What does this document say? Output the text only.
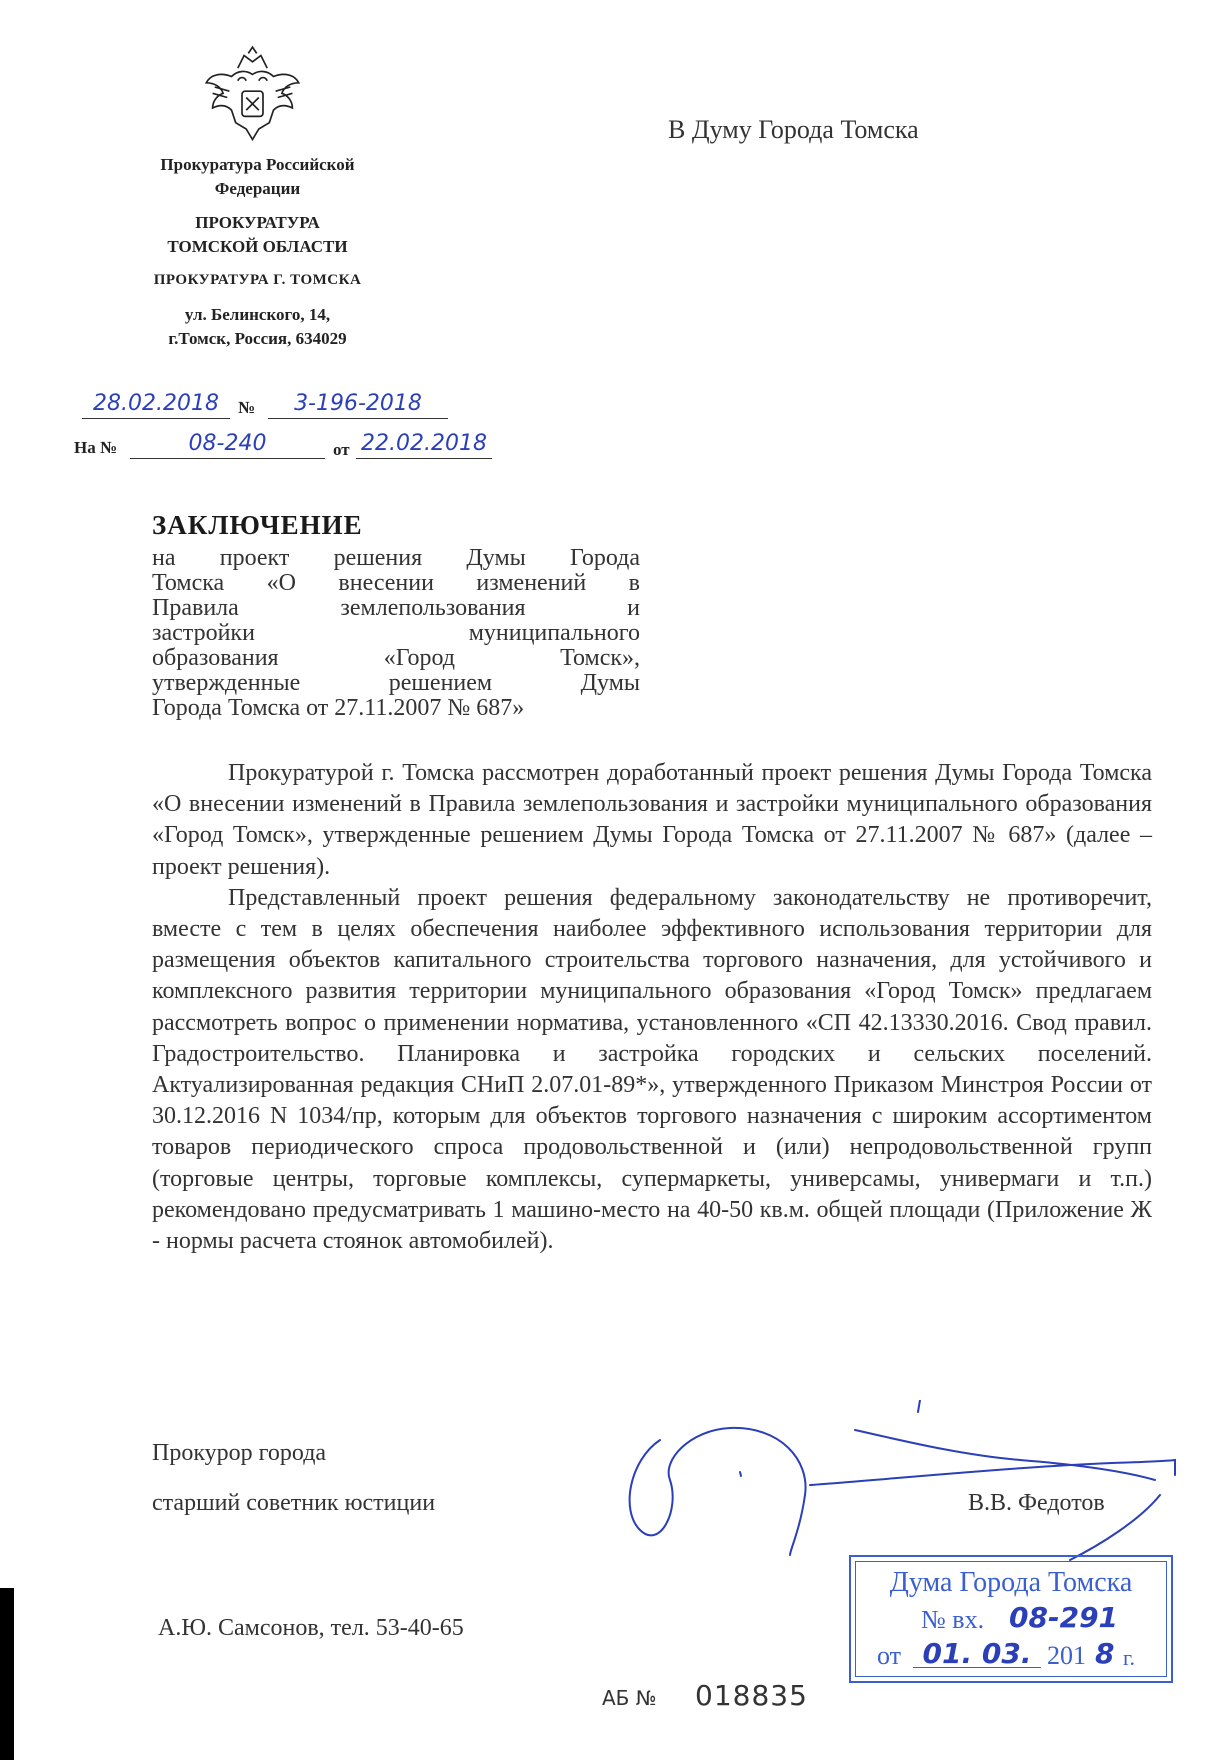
Прокуратура Российской
Федерации
ПРОКУРАТУРА
ТОМСКОЙ ОБЛАСТИ
ПРОКУРАТУРА Г. ТОМСКА
ул. Белинского, 14,
г.Томск, Россия, 634029
В Думу Города Томска
28.02.2018	№	3-196-2018
На №	08-240	от 22.02.2018
ЗАКЛЮЧЕНИЕ
на проект решения Думы Города
Томска «О внесении изменений в
Правила землепользования и
застройки муниципального
образования «Город Томск»,
утвержденные решением Думы
Города Томска от 27.11.2007 № 687»

Прокуратурой г. Томска рассмотрен доработанный проект решения Думы Города Томска «О внесении изменений в Правила землепользования и застройки муниципального образования «Город Томск», утвержденные решением Думы Города Томска от 27.11.2007 № 687» (далее – проект решения).

Представленный проект решения федеральному законодательству не противоречит, вместе с тем в целях обеспечения наиболее эффективного использования территории для размещения объектов капитального строительства торгового назначения, для устойчивого и комплексного развития территории муниципального образования «Город Томск» предлагаем рассмотреть вопрос о применении норматива, установленного «СП 42.13330.2016. Свод правил. Градостроительство. Планировка и застройка городских и сельских поселений. Актуализированная редакция СНиП 2.07.01-89*», утвержденного Приказом Минстроя России от 30.12.2016 N 1034/пр, которым для объектов торгового назначения с широким ассортиментом товаров периодического спроса продовольственной и (или) непродовольственной групп (торговые центры, торговые комплексы, супермаркеты, универсамы, универмаги и т.п.) рекомендовано предусматривать 1 машино-место на 40-50 кв.м. общей площади (Приложение Ж - нормы расчета стоянок автомобилей).

Прокурор города
старший советник юстиции	В.В. Федотов
А.Ю. Самсонов, тел. 53-40-65
АБ № 018835
Дума Города Томска
№ вх. 08-291
от 01. 03. 201 8 г.
